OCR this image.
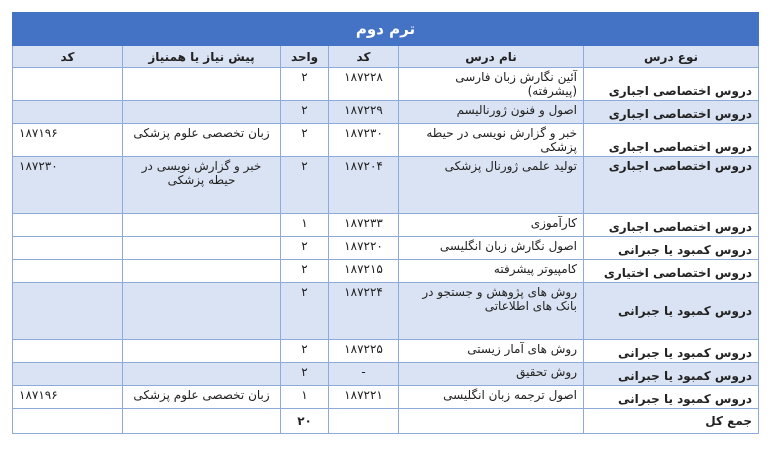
ترم دوم					
نوع درس	نام درس	کد	واحد	پیش نیاز یا همنیاز	کد
دروس اختصاصی اجباری	آئین نگارش زبان فارسی (پیشرفته)	۱۸۷۲۲۸	۲		
دروس اختصاصی اجباری	اصول و فنون ژورنالیسم	۱۸۷۲۲۹	۲		
دروس اختصاصی اجباری	خبر و گزارش نویسی در حیطه پزشکی	۱۸۷۲۳۰	۲	زبان تخصصی علوم پزشکی	۱۸۷۱۹۶
دروس اختصاصی اجباری	تولید علمی ژورنال پزشکی	۱۸۷۲۰۴	۲	خبر و گزارش نویسی در حیطه پزشکی	۱۸۷۲۳۰
دروس اختصاصی اجباری	کارآموزی	۱۸۷۲۳۳	۱		
دروس کمبود یا جبرانی	اصول نگارش زبان انگلیسی	۱۸۷۲۲۰	۲		
دروس اختصاصی اختیاری	کامپیوتر پیشرفته	۱۸۷۲۱۵	۲		
دروس کمبود یا جبرانی	روش های پژوهش و جستجو در بانک های اطلاعاتی	۱۸۷۲۲۴	۲		
دروس کمبود یا جبرانی	روش های آمار زیستی	۱۸۷۲۲۵	۲		
دروس کمبود یا جبرانی	روش تحقیق	-	۲		
دروس کمبود یا جبرانی	اصول ترجمه زبان انگلیسی	۱۸۷۲۲۱	۱	زبان تخصصی علوم پزشکی	۱۸۷۱۹۶
جمع کل			۲۰		
